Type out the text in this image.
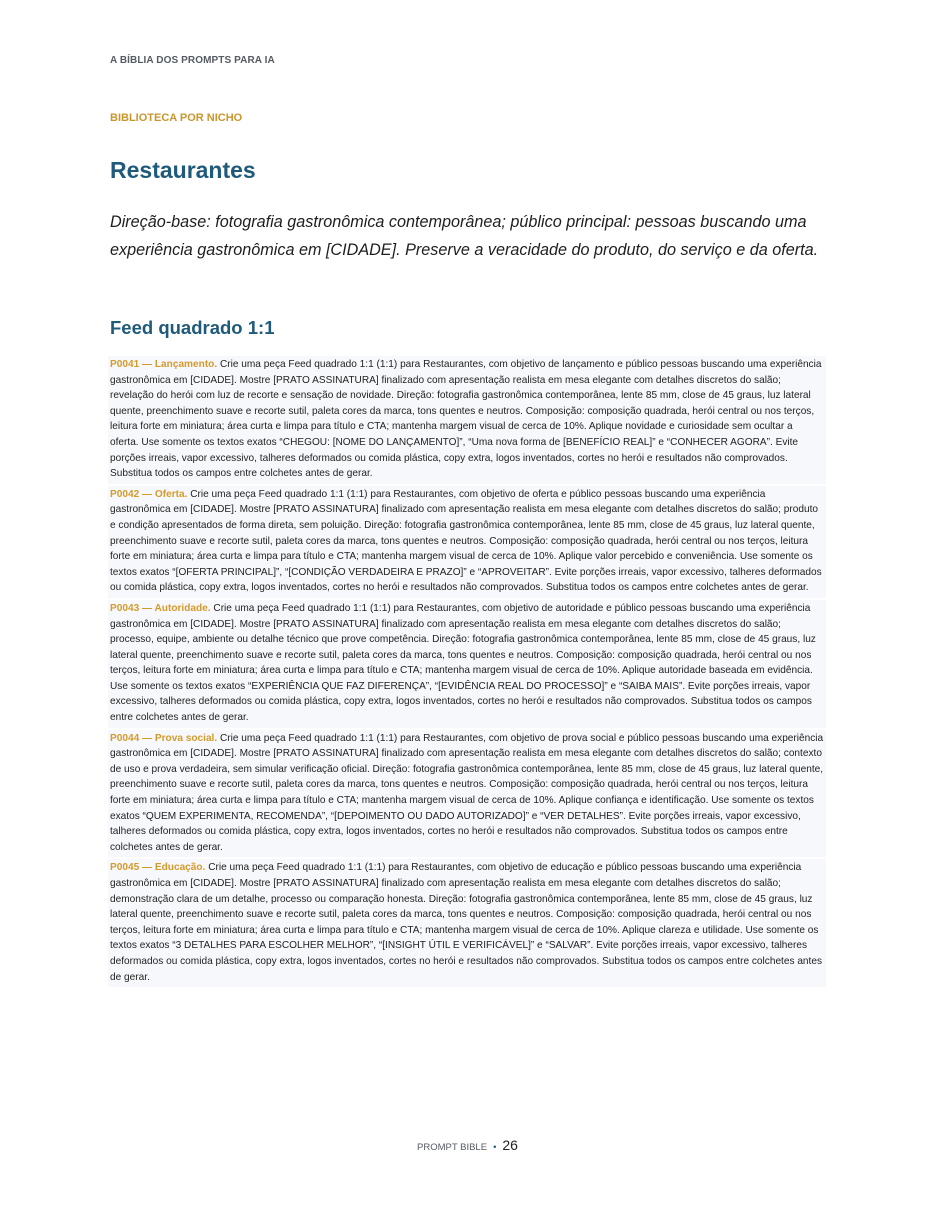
A BÍBLIA DOS PROMPTS PARA IA
BIBLIOTECA POR NICHO
Restaurantes

Direção-base: fotografia gastronômica contemporânea; público principal: pessoas buscando uma experiência gastronômica em [CIDADE]. Preserve a veracidade do produto, do serviço e da oferta.

Feed quadrado 1:1
P0041 — Lançamento. Crie uma peça Feed quadrado 1:1 (1:1) para Restaurantes, com objetivo de lançamento e público pessoas buscando uma experiência gastronômica em [CIDADE]. Mostre [PRATO ASSINATURA] finalizado com apresentação realista em mesa elegante com detalhes discretos do salão; revelação do herói com luz de recorte e sensação de novidade. Direção: fotografia gastronômica contemporânea, lente 85 mm, close de 45 graus, luz lateral quente, preenchimento suave e recorte sutil, paleta cores da marca, tons quentes e neutros. Composição: composição quadrada, herói central ou nos terços, leitura forte em miniatura; área curta e limpa para título e CTA; mantenha margem visual de cerca de 10%. Aplique novidade e curiosidade sem ocultar a oferta. Use somente os textos exatos “CHEGOU: [NOME DO LANÇAMENTO]”, “Uma nova forma de [BENEFÍCIO REAL]” e “CONHECER AGORA”. Evite porções irreais, vapor excessivo, talheres deformados ou comida plástica, copy extra, logos inventados, cortes no herói e resultados não comprovados. Substitua todos os campos entre colchetes antes de gerar.
P0042 — Oferta. Crie uma peça Feed quadrado 1:1 (1:1) para Restaurantes, com objetivo de oferta e público pessoas buscando uma experiência gastronômica em [CIDADE]. Mostre [PRATO ASSINATURA] finalizado com apresentação realista em mesa elegante com detalhes discretos do salão; produto e condição apresentados de forma direta, sem poluição. Direção: fotografia gastronômica contemporânea, lente 85 mm, close de 45 graus, luz lateral quente, preenchimento suave e recorte sutil, paleta cores da marca, tons quentes e neutros. Composição: composição quadrada, herói central ou nos terços, leitura forte em miniatura; área curta e limpa para título e CTA; mantenha margem visual de cerca de 10%. Aplique valor percebido e conveniência. Use somente os textos exatos “[OFERTA PRINCIPAL]”, “[CONDIÇÃO VERDADEIRA E PRAZO]” e “APROVEITAR”. Evite porções irreais, vapor excessivo, talheres deformados ou comida plástica, copy extra, logos inventados, cortes no herói e resultados não comprovados. Substitua todos os campos entre colchetes antes de gerar.
P0043 — Autoridade. Crie uma peça Feed quadrado 1:1 (1:1) para Restaurantes, com objetivo de autoridade e público pessoas buscando uma experiência gastronômica em [CIDADE]. Mostre [PRATO ASSINATURA] finalizado com apresentação realista em mesa elegante com detalhes discretos do salão; processo, equipe, ambiente ou detalhe técnico que prove competência. Direção: fotografia gastronômica contemporânea, lente 85 mm, close de 45 graus, luz lateral quente, preenchimento suave e recorte sutil, paleta cores da marca, tons quentes e neutros. Composição: composição quadrada, herói central ou nos terços, leitura forte em miniatura; área curta e limpa para título e CTA; mantenha margem visual de cerca de 10%. Aplique autoridade baseada em evidência. Use somente os textos exatos “EXPERIÊNCIA QUE FAZ DIFERENÇA”, “[EVIDÊNCIA REAL DO PROCESSO]” e “SAIBA MAIS”. Evite porções irreais, vapor excessivo, talheres deformados ou comida plástica, copy extra, logos inventados, cortes no herói e resultados não comprovados. Substitua todos os campos entre colchetes antes de gerar.
P0044 — Prova social. Crie uma peça Feed quadrado 1:1 (1:1) para Restaurantes, com objetivo de prova social e público pessoas buscando uma experiência gastronômica em [CIDADE]. Mostre [PRATO ASSINATURA] finalizado com apresentação realista em mesa elegante com detalhes discretos do salão; contexto de uso e prova verdadeira, sem simular verificação oficial. Direção: fotografia gastronômica contemporânea, lente 85 mm, close de 45 graus, luz lateral quente, preenchimento suave e recorte sutil, paleta cores da marca, tons quentes e neutros. Composição: composição quadrada, herói central ou nos terços, leitura forte em miniatura; área curta e limpa para título e CTA; mantenha margem visual de cerca de 10%. Aplique confiança e identificação. Use somente os textos exatos “QUEM EXPERIMENTA, RECOMENDA”, “[DEPOIMENTO OU DADO AUTORIZADO]” e “VER DETALHES”. Evite porções irreais, vapor excessivo, talheres deformados ou comida plástica, copy extra, logos inventados, cortes no herói e resultados não comprovados. Substitua todos os campos entre colchetes antes de gerar.
P0045 — Educação. Crie uma peça Feed quadrado 1:1 (1:1) para Restaurantes, com objetivo de educação e público pessoas buscando uma experiência gastronômica em [CIDADE]. Mostre [PRATO ASSINATURA] finalizado com apresentação realista em mesa elegante com detalhes discretos do salão; demonstração clara de um detalhe, processo ou comparação honesta. Direção: fotografia gastronômica contemporânea, lente 85 mm, close de 45 graus, luz lateral quente, preenchimento suave e recorte sutil, paleta cores da marca, tons quentes e neutros. Composição: composição quadrada, herói central ou nos terços, leitura forte em miniatura; área curta e limpa para título e CTA; mantenha margem visual de cerca de 10%. Aplique clareza e utilidade. Use somente os textos exatos “3 DETALHES PARA ESCOLHER MELHOR”, “[INSIGHT ÚTIL E VERIFICÁVEL]” e “SALVAR”. Evite porções irreais, vapor excessivo, talheres deformados ou comida plástica, copy extra, logos inventados, cortes no herói e resultados não comprovados. Substitua todos os campos entre colchetes antes de gerar.
PROMPT BIBLE • 26
